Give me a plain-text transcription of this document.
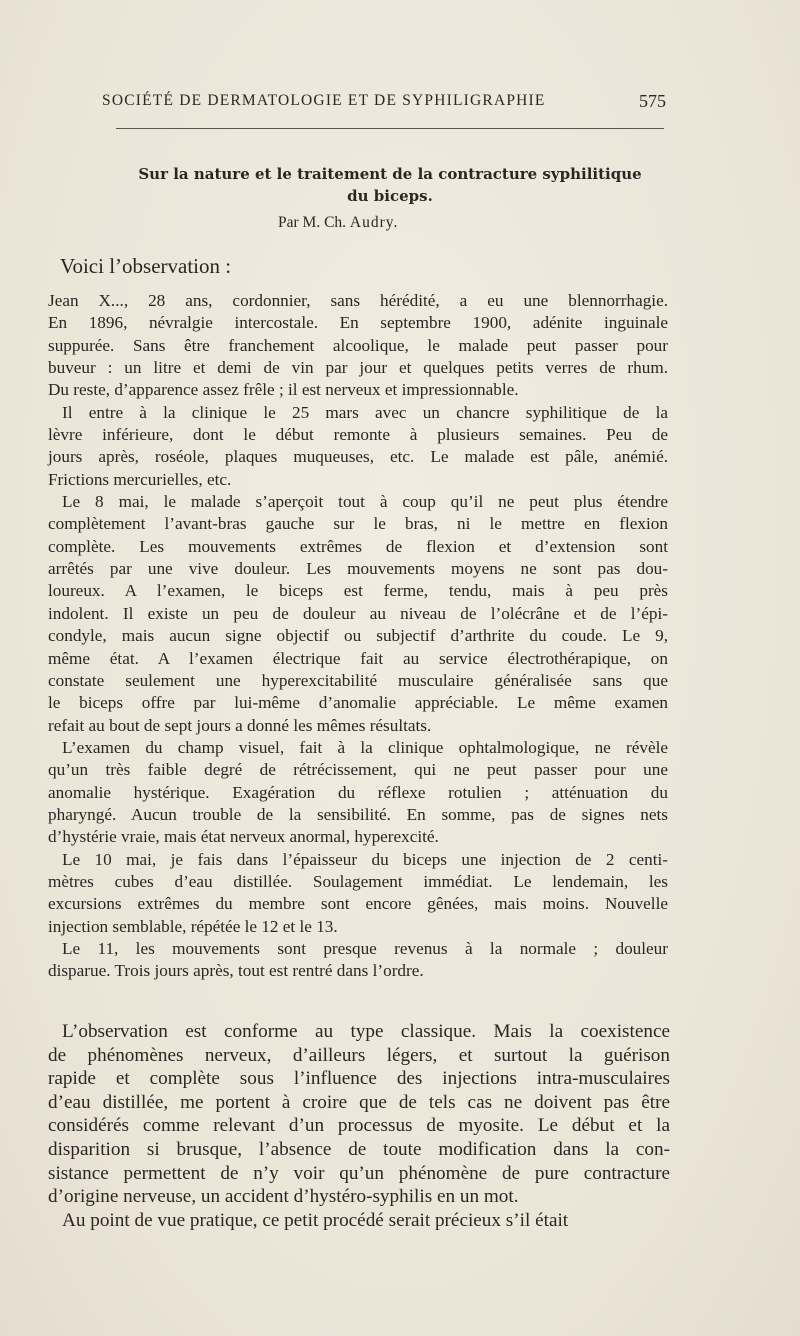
SOCIÉTÉ DE DERMATOLOGIE ET DE SYPHILIGRAPHIE	575
Sur la nature et le traitement de la contracture syphilitique
du biceps.
Par M. Ch. Audry.
Voici l’observation :
Jean X..., 28 ans, cordonnier, sans hérédité, a eu une blennorrhagie.
En 1896, névralgie intercostale. En septembre 1900, adénite inguinale
suppurée. Sans être franchement alcoolique, le malade peut passer pour
buveur : un litre et demi de vin par jour et quelques petits verres de rhum.
Du reste, d’apparence assez frêle ; il est nerveux et impressionnable.
Il entre à la clinique le 25 mars avec un chancre syphilitique de la
lèvre inférieure, dont le début remonte à plusieurs semaines. Peu de
jours après, roséole, plaques muqueuses, etc. Le malade est pâle, anémié.
Frictions mercurielles, etc.
Le 8 mai, le malade s’aperçoit tout à coup qu’il ne peut plus étendre
complètement l’avant-bras gauche sur le bras, ni le mettre en flexion
complète. Les mouvements extrêmes de flexion et d’extension sont
arrêtés par une vive douleur. Les mouvements moyens ne sont pas dou-
loureux. A l’examen, le biceps est ferme, tendu, mais à peu près
indolent. Il existe un peu de douleur au niveau de l’olécrâne et de l’épi-
condyle, mais aucun signe objectif ou subjectif d’arthrite du coude. Le 9,
même état. A l’examen électrique fait au service électrothérapique, on
constate seulement une hyperexcitabilité musculaire généralisée sans que
le biceps offre par lui-même d’anomalie appréciable. Le même examen
refait au bout de sept jours a donné les mêmes résultats.
L’examen du champ visuel, fait à la clinique ophtalmologique, ne révèle
qu’un très faible degré de rétrécissement, qui ne peut passer pour une
anomalie hystérique. Exagération du réflexe rotulien ; atténuation du
pharyngé. Aucun trouble de la sensibilité. En somme, pas de signes nets
d’hystérie vraie, mais état nerveux anormal, hyperexcité.
Le 10 mai, je fais dans l’épaisseur du biceps une injection de 2 centi-
mètres cubes d’eau distillée. Soulagement immédiat. Le lendemain, les
excursions extrêmes du membre sont encore gênées, mais moins. Nouvelle
injection semblable, répétée le 12 et le 13.
Le 11, les mouvements sont presque revenus à la normale ; douleur
disparue. Trois jours après, tout est rentré dans l’ordre.
L’observation est conforme au type classique. Mais la coexistence
de phénomènes nerveux, d’ailleurs légers, et surtout la guérison
rapide et complète sous l’influence des injections intra-musculaires
d’eau distillée, me portent à croire que de tels cas ne doivent pas être
considérés comme relevant d’un processus de myosite. Le début et la
disparition si brusque, l’absence de toute modification dans la con-
sistance permettent de n’y voir qu’un phénomène de pure contracture
d’origine nerveuse, un accident d’hystéro-syphilis en un mot.
Au point de vue pratique, ce petit procédé serait précieux s’il était
